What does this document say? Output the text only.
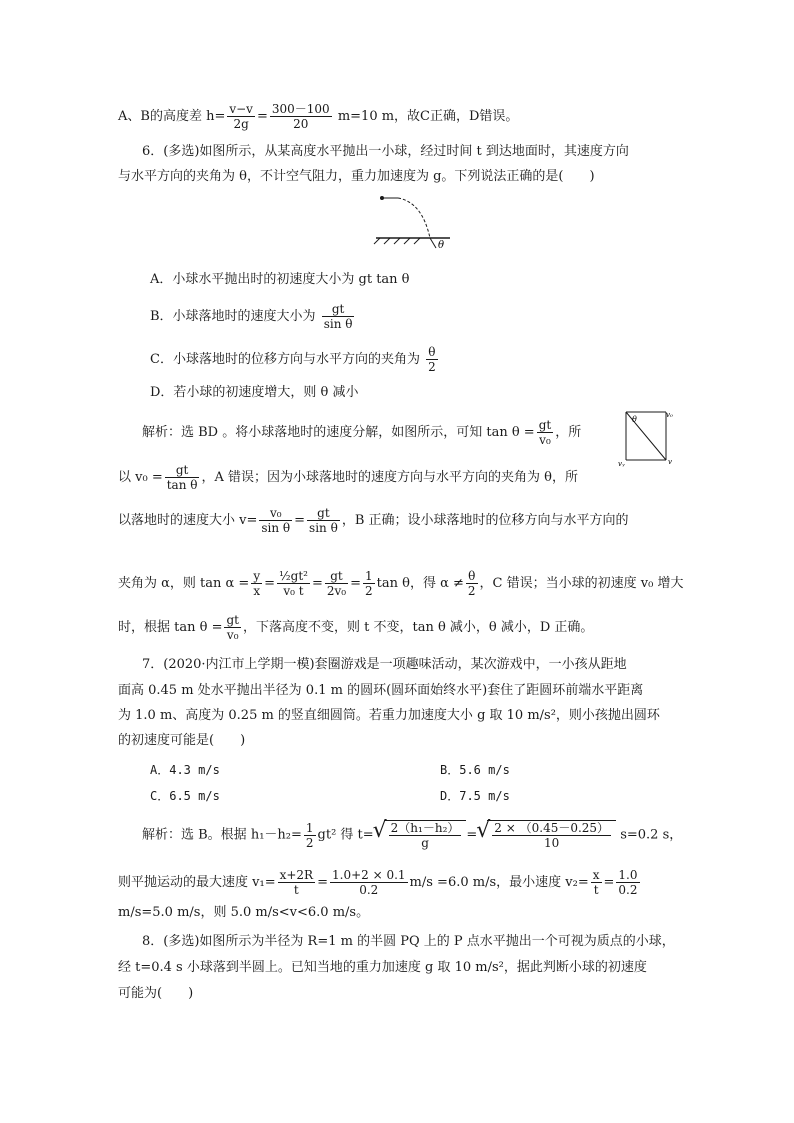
A、B的高度差 $h= \frac{v-v}{2g} = \frac{300-100}{20} m=10$ m，故C正确，D错误。
6．(多选)如图所示，从某高度水平抛出一小球，经过时间 t 到达地面时，其速度方向
与水平方向的夹角为 θ，不计空气阻力，重力加速度为 g。下列说法正确的是(　　)
θ
A．小球水平抛出时的初速度大小为 gt tan θ
B．小球落地时的速度大小为 $\frac{gt}{\text{sin θ}}$
C．小球落地时的位移方向与水平方向的夹角为 $\frac{\theta}{2}$
D．若小球的初速度增大，则 θ 减小
解析：选 BD 。将小球落地时的速度分解，如图所示，可知 $\tan \theta = \frac{gt}{\text{v₀}}$ ，所
θ	v₀
vᵧ	v
以 $v_0 = \frac{gt}{\text{tan θ}}$ ，A 错误；因为小球落地时的速度方向与水平方向的夹角为 θ，所
以落地时的速度大小 $v= \frac{\text{v₀}}{\text{sin θ}} = \frac{gt}{\text{sin θ}}$ ，B 正确；设小球落地时的位移方向与水平方向的
夹角为 α，则 $\tan \alpha = \frac{y}{x} = \frac{\text{½gt²}}{\text{v₀ t}} = \frac{gt}{\text{2v₀}} = \frac{1}{2}$ tan θ，得 $\alpha \ne \frac{\theta}{2}$ ，C 错误；当小球的初速度 v₀ 增大
时，根据 $\tan \theta = \frac{gt}{\text{v₀}}$ ，下落高度不变，则 t 不变，tan θ 减小，θ 减小，D 正确。
7．(2020·内江市上学期一模)套圈游戏是一项趣味活动，某次游戏中，一小孩从距地
面高 0.45 m 处水平抛出半径为 0.1 m 的圆环(圆环面始终水平)套住了距圆环前端水平距离
为 1.0 m、高度为 0.25 m 的竖直细圆筒。若重力加速度大小 g 取 10 m/s²，则小孩抛出圆环
的初速度可能是(　　)
A．4.3 m/s	B．5.6 m/s
C．6.5 m/s	D．7.5 m/s
解析：选 B。根据 $h_1-h_2= \frac{1}{2} gt^2$ 得 t= √ $\frac{\text{2（h₁－h₂）}}{g}$ = √ $\frac{2 \times (0.45-0.25)}{10} s=0.2$ s，
则平抛运动的最大速度 $v_1= \frac{x+2R}{t} = \frac{1.0+2 \times 0.1}{0.2} m/s =6.0$ m/s，最小速度 $v_2= \frac{x}{t} = \frac{1.0}{0.2}$
m/s=5.0 m/s，则 5.0 m/s<v<6.0 m/s。
8．(多选)如图所示为半径为 R=1 m 的半圆 PQ 上的 P 点水平抛出一个可视为质点的小球，
经 t=0.4 s 小球落到半圆上。已知当地的重力加速度 g 取 10 m/s²，据此判断小球的初速度
可能为(　　)
